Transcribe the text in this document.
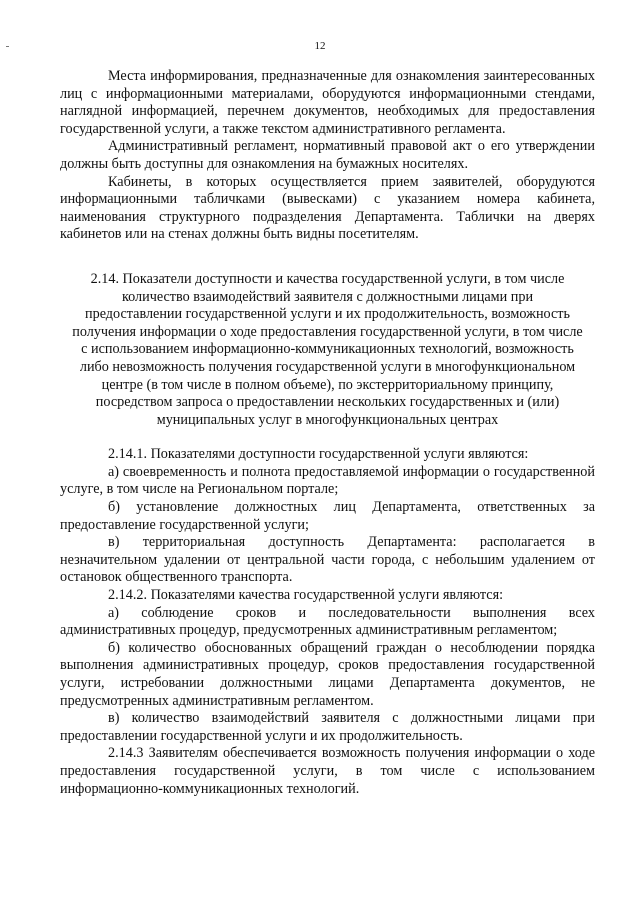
12

Места информирования, предназначенные для ознакомления заинтересованных лиц с информационными материалами, оборудуются информационными стендами, наглядной информацией, перечнем документов, необходимых для предоставления государственной услуги, а также текстом административного регламента.

Административный регламент, нормативный правовой акт о его утверждении должны быть доступны для ознакомления на бумажных носителях.

Кабинеты, в которых осуществляется прием заявителей, оборудуются информационными табличками (вывесками) с указанием номера кабинета, наименования структурного подразделения Департамента. Таблички на дверях кабинетов или на стенах должны быть видны посетителям.

2.14. Показатели доступности и качества государственной услуги, в том числе количество взаимодействий заявителя с должностными лицами при предоставлении государственной услуги и их продолжительность, возможность получения информации о ходе предоставления государственной услуги, в том числе с использованием информационно-коммуникационных технологий, возможность либо невозможность получения государственной услуги в многофункциональном центре (в том числе в полном объеме), по экстерриториальному принципу, посредством запроса о предоставлении нескольких государственных и (или) муниципальных услуг в многофункциональных центрах

2.14.1. Показателями доступности государственной услуги являются:

а) своевременность и полнота предоставляемой информации о государственной услуге, в том числе на Региональном портале;

б) установление должностных лиц Департамента, ответственных за предоставление государственной услуги;

в) территориальная доступность Департамента: располагается в незначительном удалении от центральной части города, с небольшим удалением от остановок общественного транспорта.

2.14.2. Показателями качества государственной услуги являются:

а) соблюдение сроков и последовательности выполнения всех административных процедур, предусмотренных административным регламентом;

б) количество обоснованных обращений граждан о несоблюдении порядка выполнения административных процедур, сроков предоставления государственной услуги, истребовании должностными лицами Департамента документов, не предусмотренных административным регламентом.

в) количество взаимодействий заявителя с должностными лицами при предоставлении государственной услуги и их продолжительность.

2.14.3 Заявителям обеспечивается возможность получения информации о ходе предоставления государственной услуги, в том числе с использованием информационно-коммуникационных технологий.
